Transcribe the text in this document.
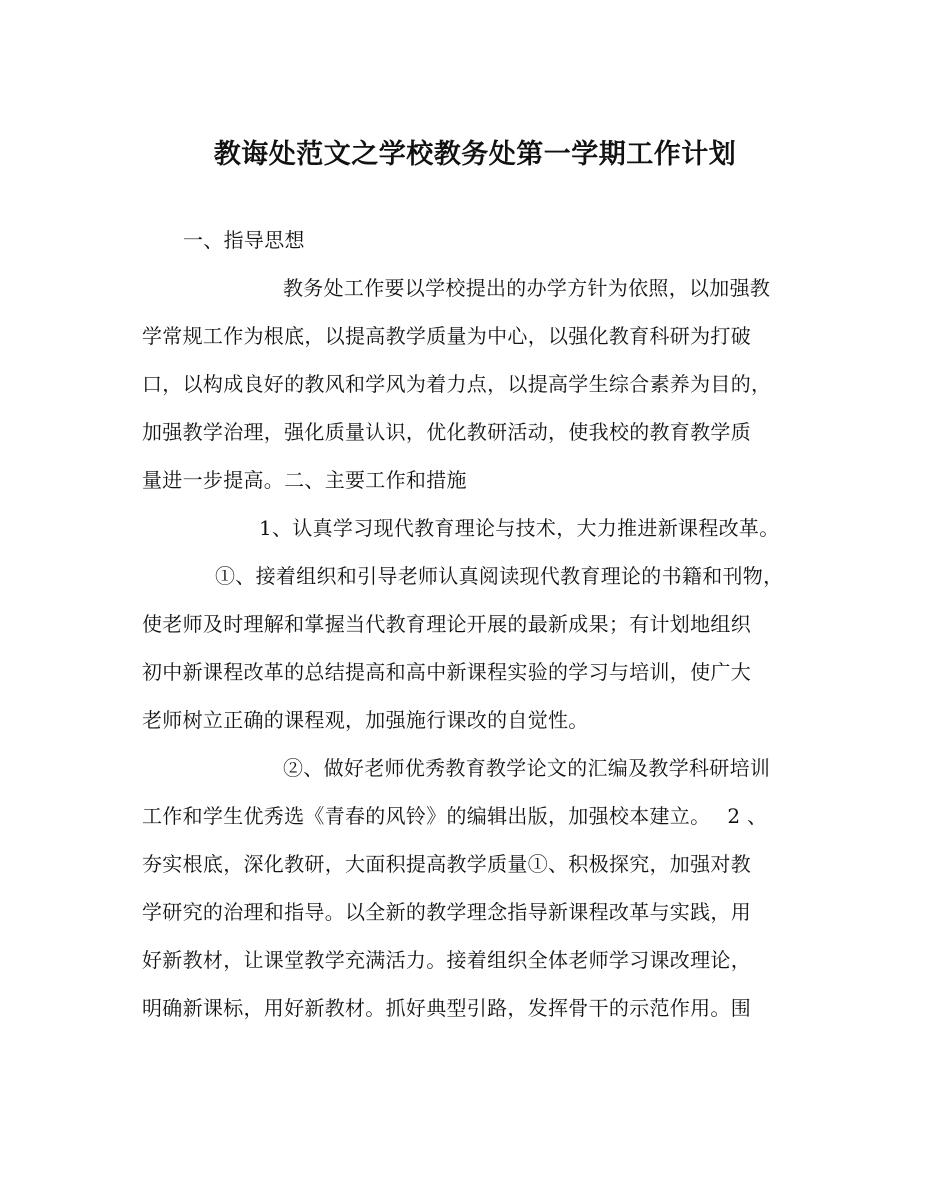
教诲处范文之学校教务处第一学期工作计划
一、指导思想
教务处工作要以学校提出的办学方针为依照，以加强教
学常规工作为根底，以提高教学质量为中心，以强化教育科研为打破
口，以构成良好的教风和学风为着力点，以提高学生综合素养为目的，
加强教学治理，强化质量认识，优化教研活动，使我校的教育教学质
量进一步提高。二、主要工作和措施
1、认真学习现代教育理论与技术，大力推进新课程改革。
①、接着组织和引导老师认真阅读现代教育理论的书籍和刊物，
使老师及时理解和掌握当代教育理论开展的最新成果；有计划地组织
初中新课程改革的总结提高和高中新课程实验的学习与培训，使广大
老师树立正确的课程观，加强施行课改的自觉性。
②、做好老师优秀教育教学论文的汇编及教学科研培训
工作和学生优秀选《青春的风铃》的编辑出版，加强校本建立。　 2 、
夯实根底，深化教研，大面积提高教学质量①、积极探究，加强对教
学研究的治理和指导。以全新的教学理念指导新课程改革与实践，用
好新教材，让课堂教学充满活力。接着组织全体老师学习课改理论，
明确新课标，用好新教材。抓好典型引路，发挥骨干的示范作用。围
